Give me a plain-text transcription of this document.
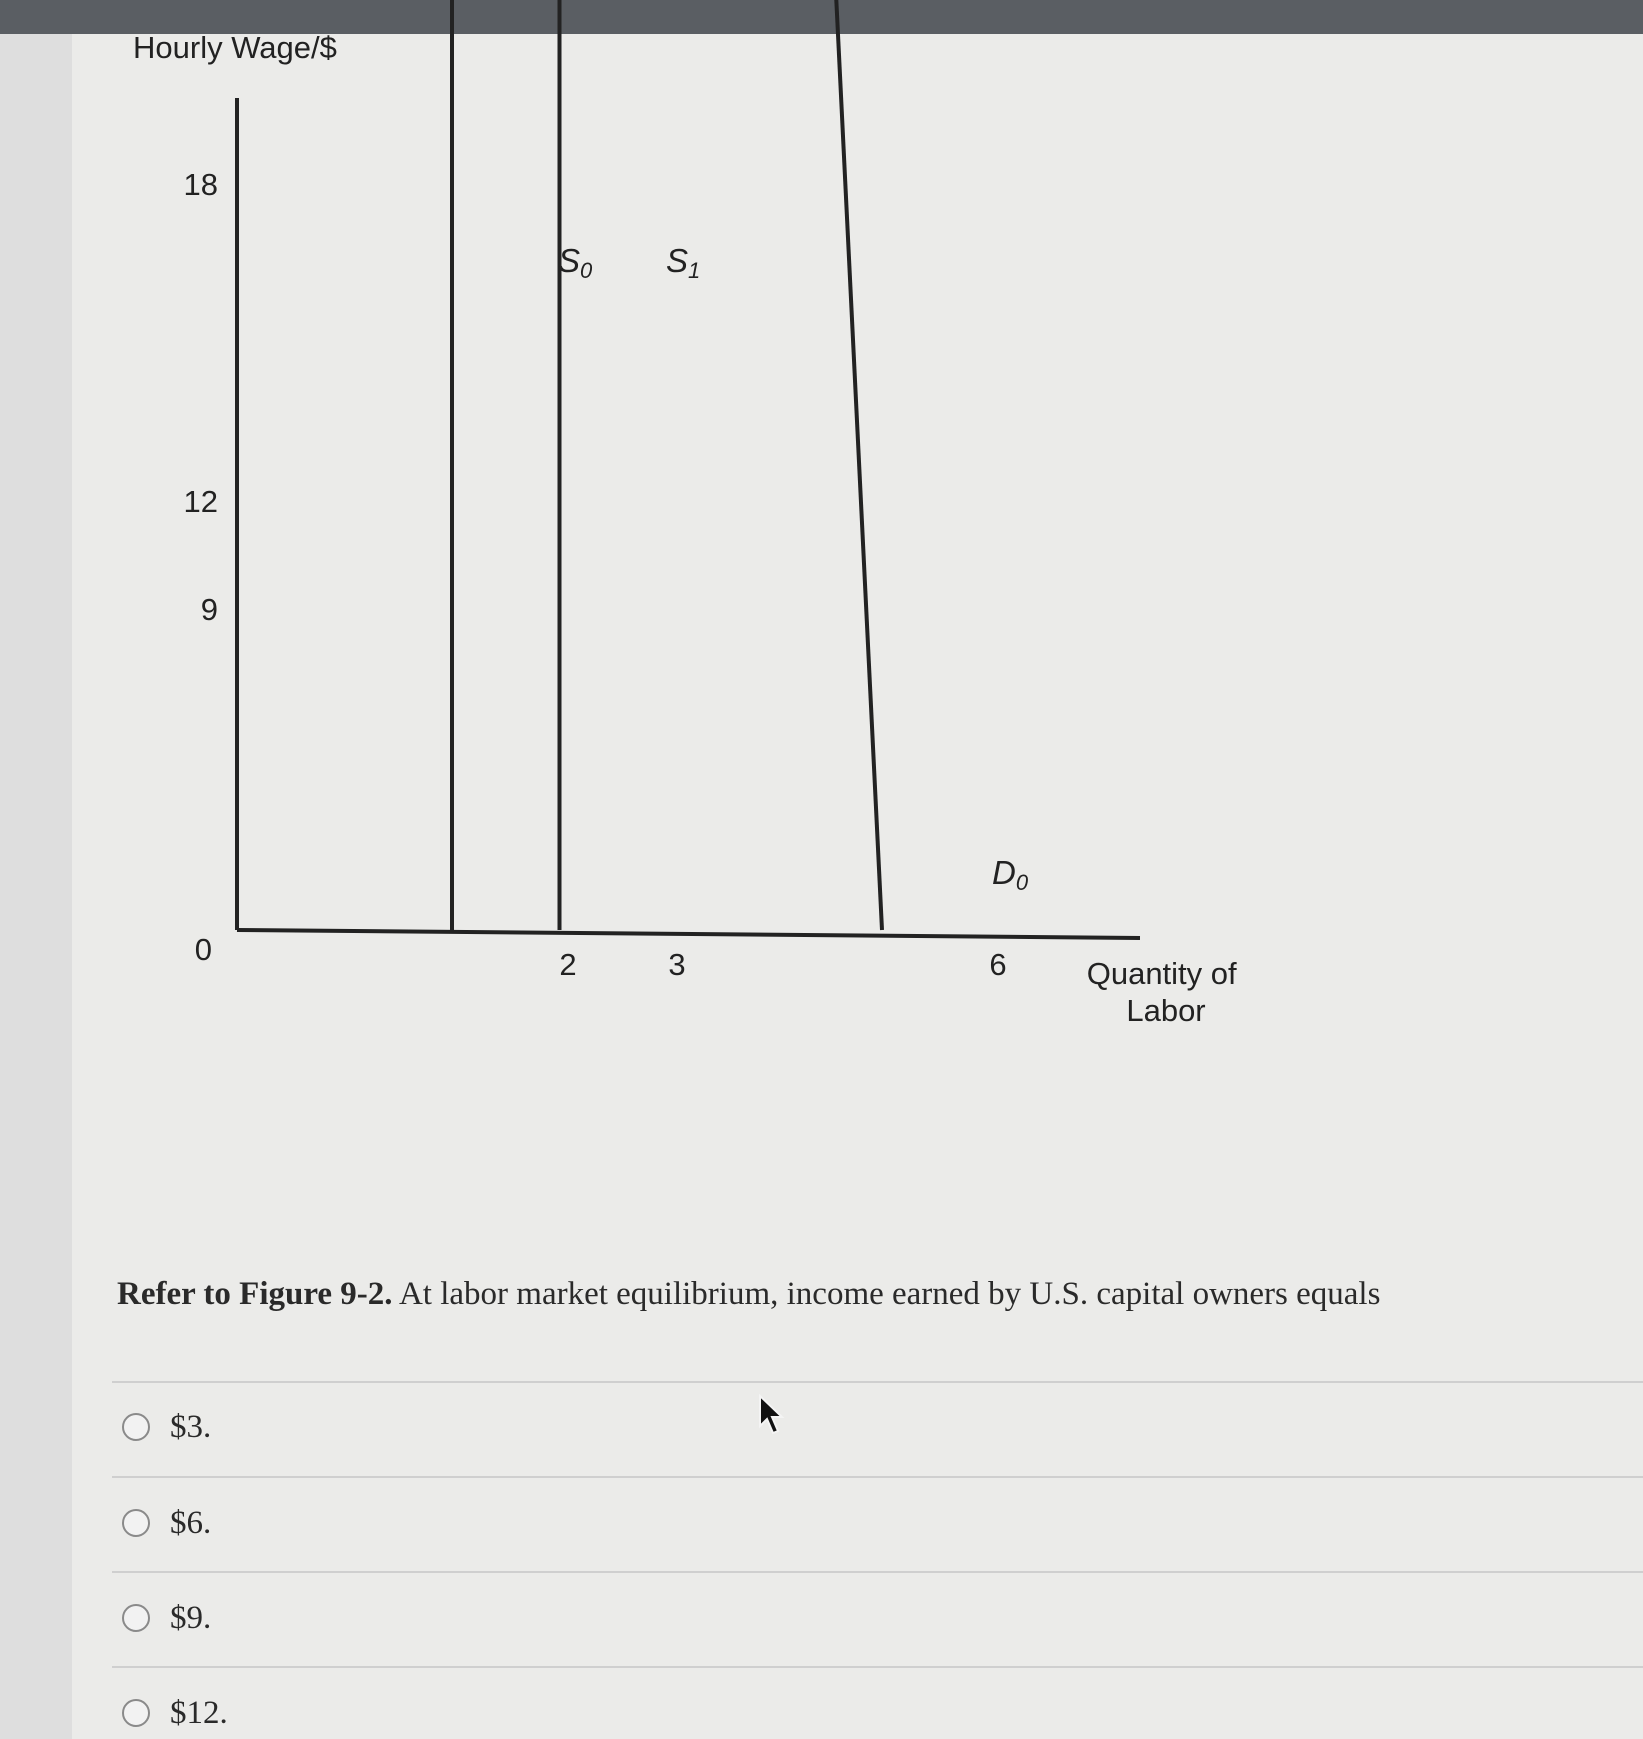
Hourly Wage/$
18
12
9
0	2	3	6	Quantity of Labor
S0 S1
D0
Refer to Figure 9-2. At labor market equilibrium, income earned by U.S. capital owners equals
$3.
$6.
$9.
$12.
